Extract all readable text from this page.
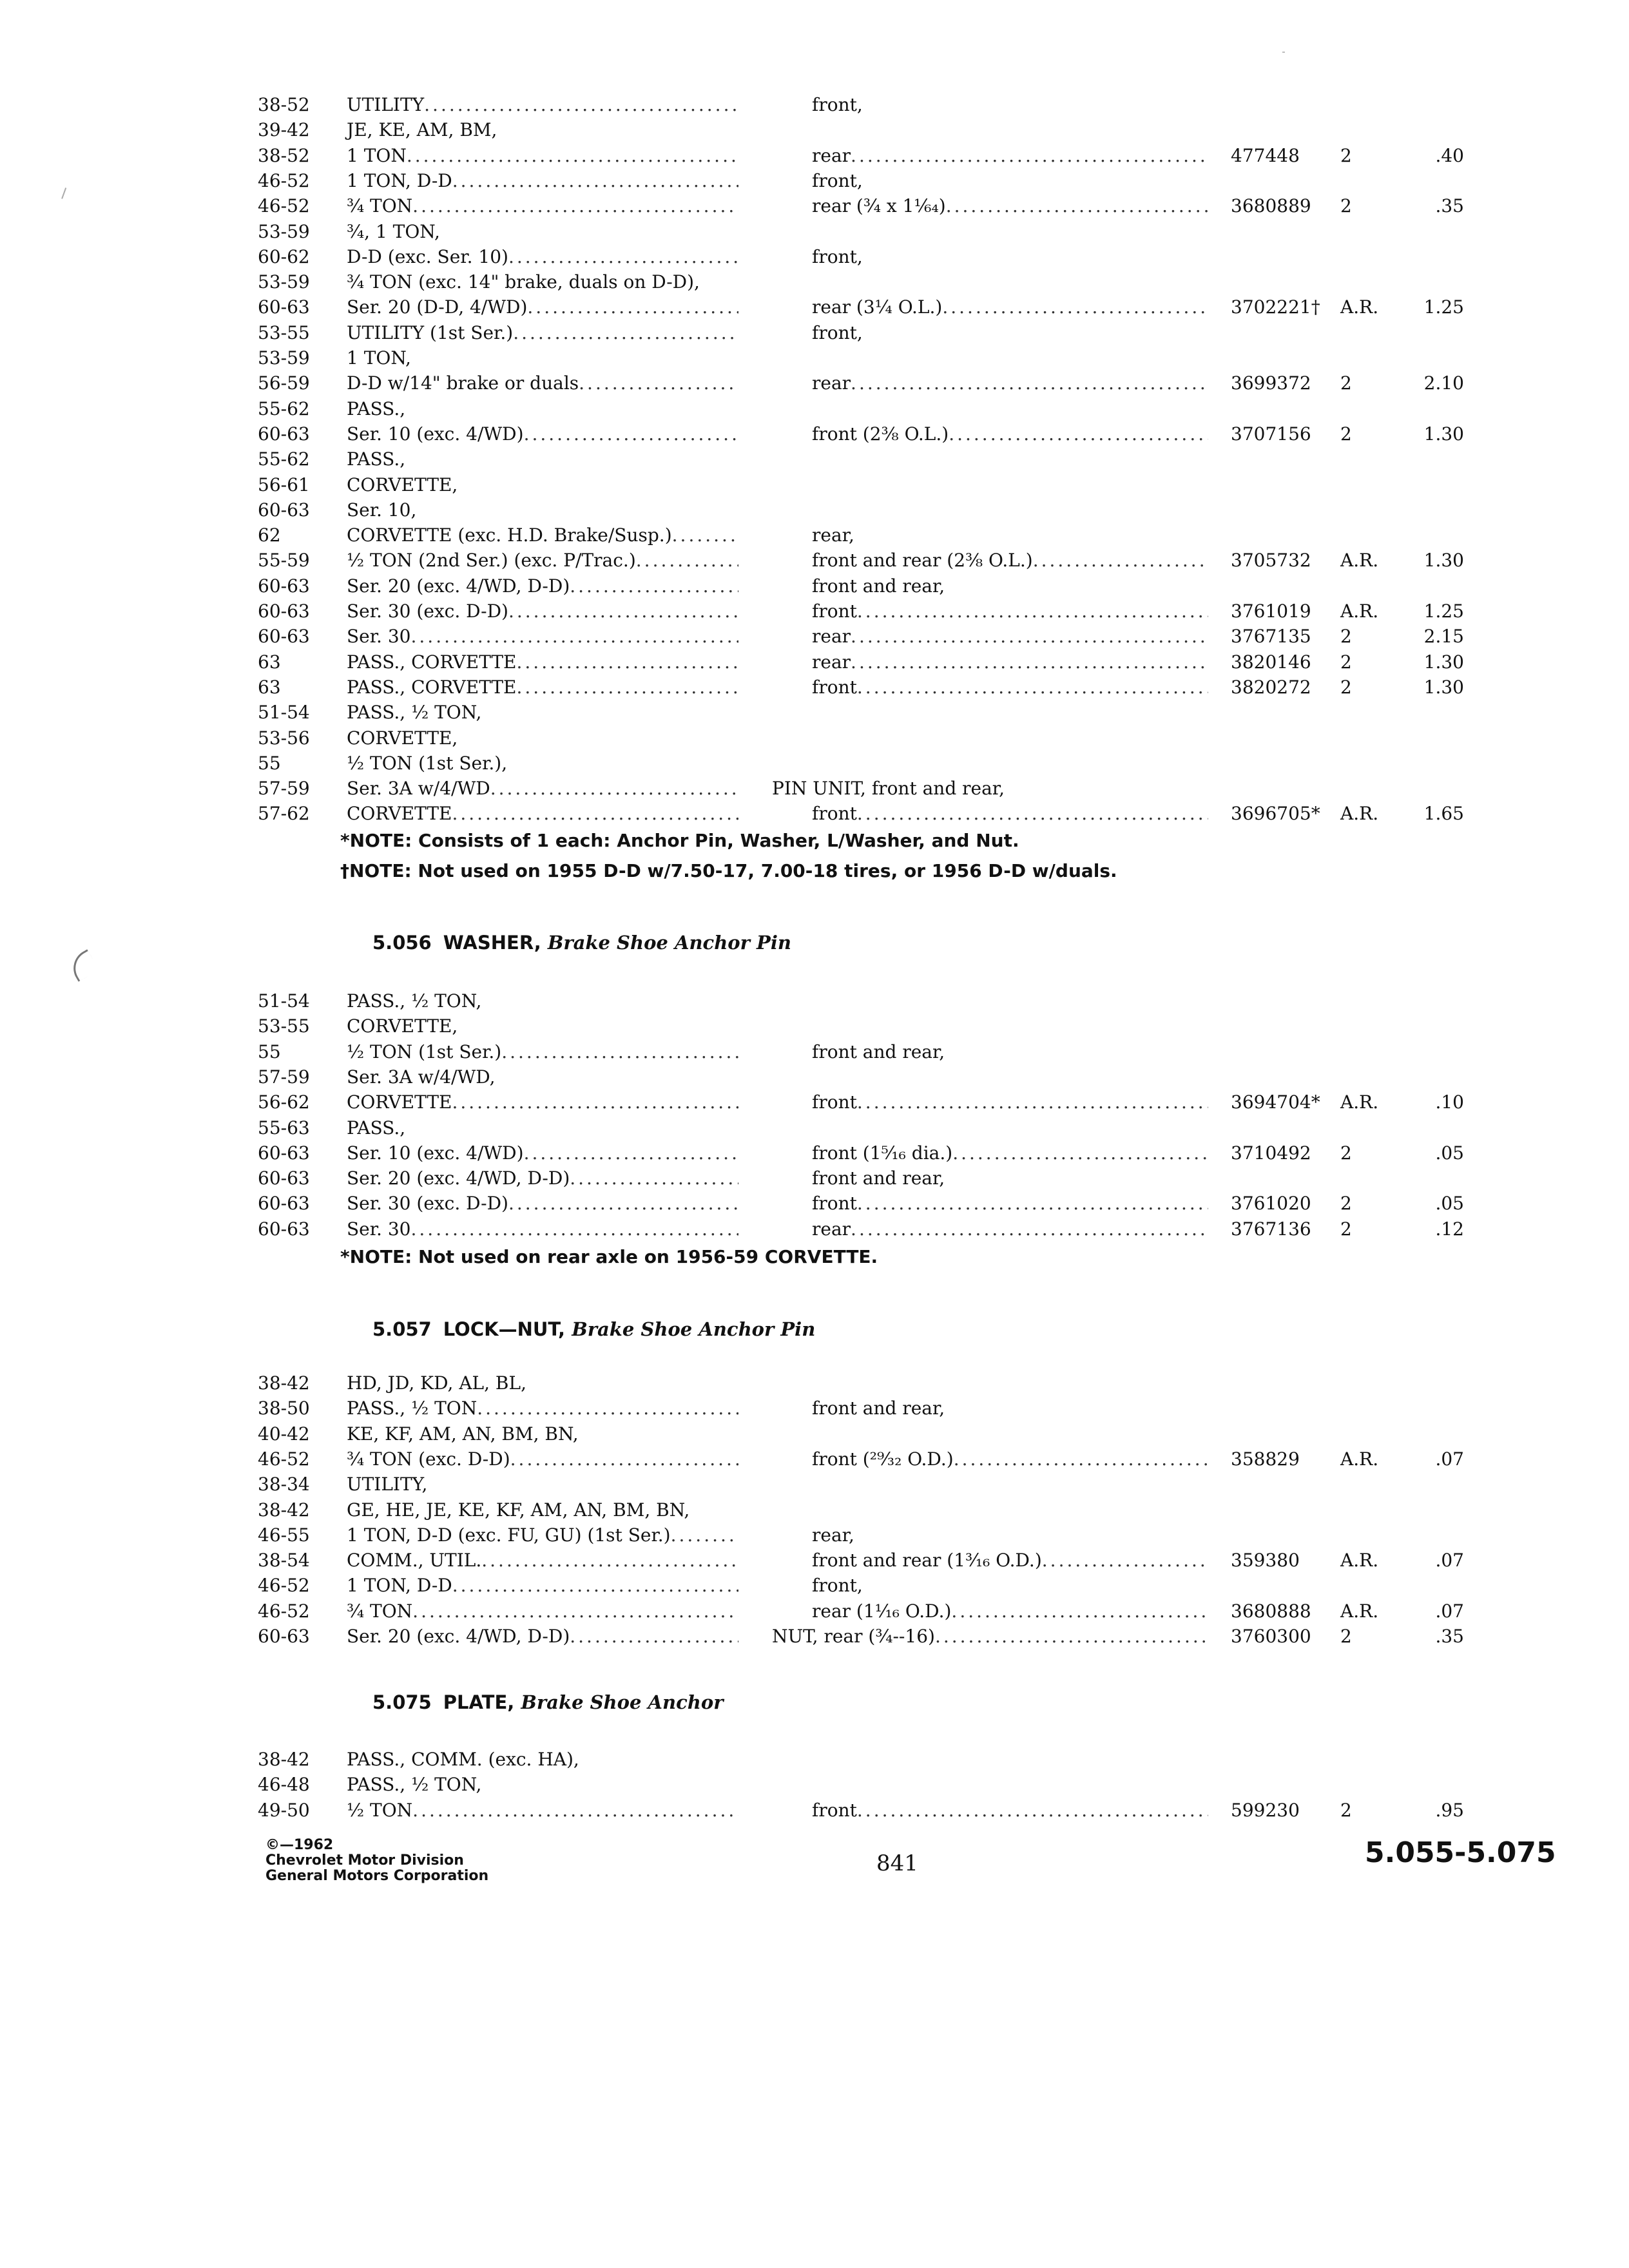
©—1962
Chevrolet Motor Division
General Motors Corporation	841	5.055-5.075
38-52	UTILITY .....	front,
39-42	JE, KE, AM, BM,
38-52	1 TON .....	rear .....	477448	2	.40
46-52	1 TON, D-D .....	front,
46-52	¾ TON .....	rear (¾ x 1⅟₆₄) .....	3680889	2	.35
53-59	¾, 1 TON,
60-62	D-D (exc. Ser. 10) .....	front,
53-59	¾ TON (exc. 14" brake, duals on D-D),
60-63	Ser. 20 (D-D, 4/WD) .....	rear (3¼ O.L.) .....	3702221†	A.R.	1.25
53-55	UTILITY (1st Ser.) .....	front,
53-59	1 TON,
56-59	D-D w/14" brake or duals .....	rear .....	3699372	2	2.10
55-62	PASS.,
60-63	Ser. 10 (exc. 4/WD) .....	front (2⅜ O.L.) .....	3707156	2	1.30
55-62	PASS.,
56-61	CORVETTE,
60-63	Ser. 10,
62	CORVETTE (exc. H.D. Brake/Susp.) .....	rear,
55-59	½ TON (2nd Ser.) (exc. P/Trac.) .....	front and rear (2⅜ O.L.) .....	3705732	A.R.	1.30
60-63	Ser. 20 (exc. 4/WD, D-D) .....	front and rear,
60-63	Ser. 30 (exc. D-D) .....	front .....	3761019	A.R.	1.25
60-63	Ser. 30 .....	rear .....	3767135	2	2.15
63	PASS., CORVETTE .....	rear .....	3820146	2	1.30
63	PASS., CORVETTE .....	front .....	3820272	2	1.30
51-54	PASS., ½ TON,
53-56	CORVETTE,
55	½ TON (1st Ser.),
57-59	Ser. 3A w/4/WD .....	PIN UNIT, front and rear,
57-62	CORVETTE .....	front .....	3696705*	A.R.	1.65
*NOTE: Consists of 1 each: Anchor Pin, Washer, L/Washer, and Nut.
†NOTE: Not used on 1955 D-D w/7.50-17, 7.00-18 tires, or 1956 D-D w/duals.
5.056 WASHER, Brake Shoe Anchor Pin
51-54	PASS., ½ TON,
53-55	CORVETTE,
55	½ TON (1st Ser.) .....	front and rear,
57-59	Ser. 3A w/4/WD,
56-62	CORVETTE .....	front .....	3694704*	A.R.	.10
55-63	PASS.,
60-63	Ser. 10 (exc. 4/WD) .....	front (1⁵⁄₁₆ dia.) .....	3710492	2	.05
60-63	Ser. 20 (exc. 4/WD, D-D) .....	front and rear,
60-63	Ser. 30 (exc. D-D) .....	front .....	3761020	2	.05
60-63	Ser. 30 .....	rear .....	3767136	2	.12
*NOTE: Not used on rear axle on 1956-59 CORVETTE.
5.057 LOCK—NUT, Brake Shoe Anchor Pin
38-42	HD, JD, KD, AL, BL,
38-50	PASS., ½ TON .....	front and rear,
40-42	KE, KF, AM, AN, BM, BN,
46-52	¾ TON (exc. D-D) .....	front (²⁹⁄₃₂ O.D.) .....	358829	A.R.	.07
38-34	UTILITY,
38-42	GE, HE, JE, KE, KF, AM, AN, BM, BN,
46-55	1 TON, D-D (exc. FU, GU) (1st Ser.) .....	rear,
38-54	COMM., UTIL. .....	front and rear (1³⁄₁₆ O.D.) .....	359380	A.R.	.07
46-52	1 TON, D-D .....	front,
46-52	¾ TON .....	rear (1⅟₁₆ O.D.) .....	3680888	A.R.	.07
60-63	Ser. 20 (exc. 4/WD, D-D) .....	NUT, rear (¾--16) .....	3760300	2	.35
5.075 PLATE, Brake Shoe Anchor
38-42	PASS., COMM. (exc. HA),
46-48	PASS., ½ TON,
49-50	½ TON .....	front .....	599230	2	.95
